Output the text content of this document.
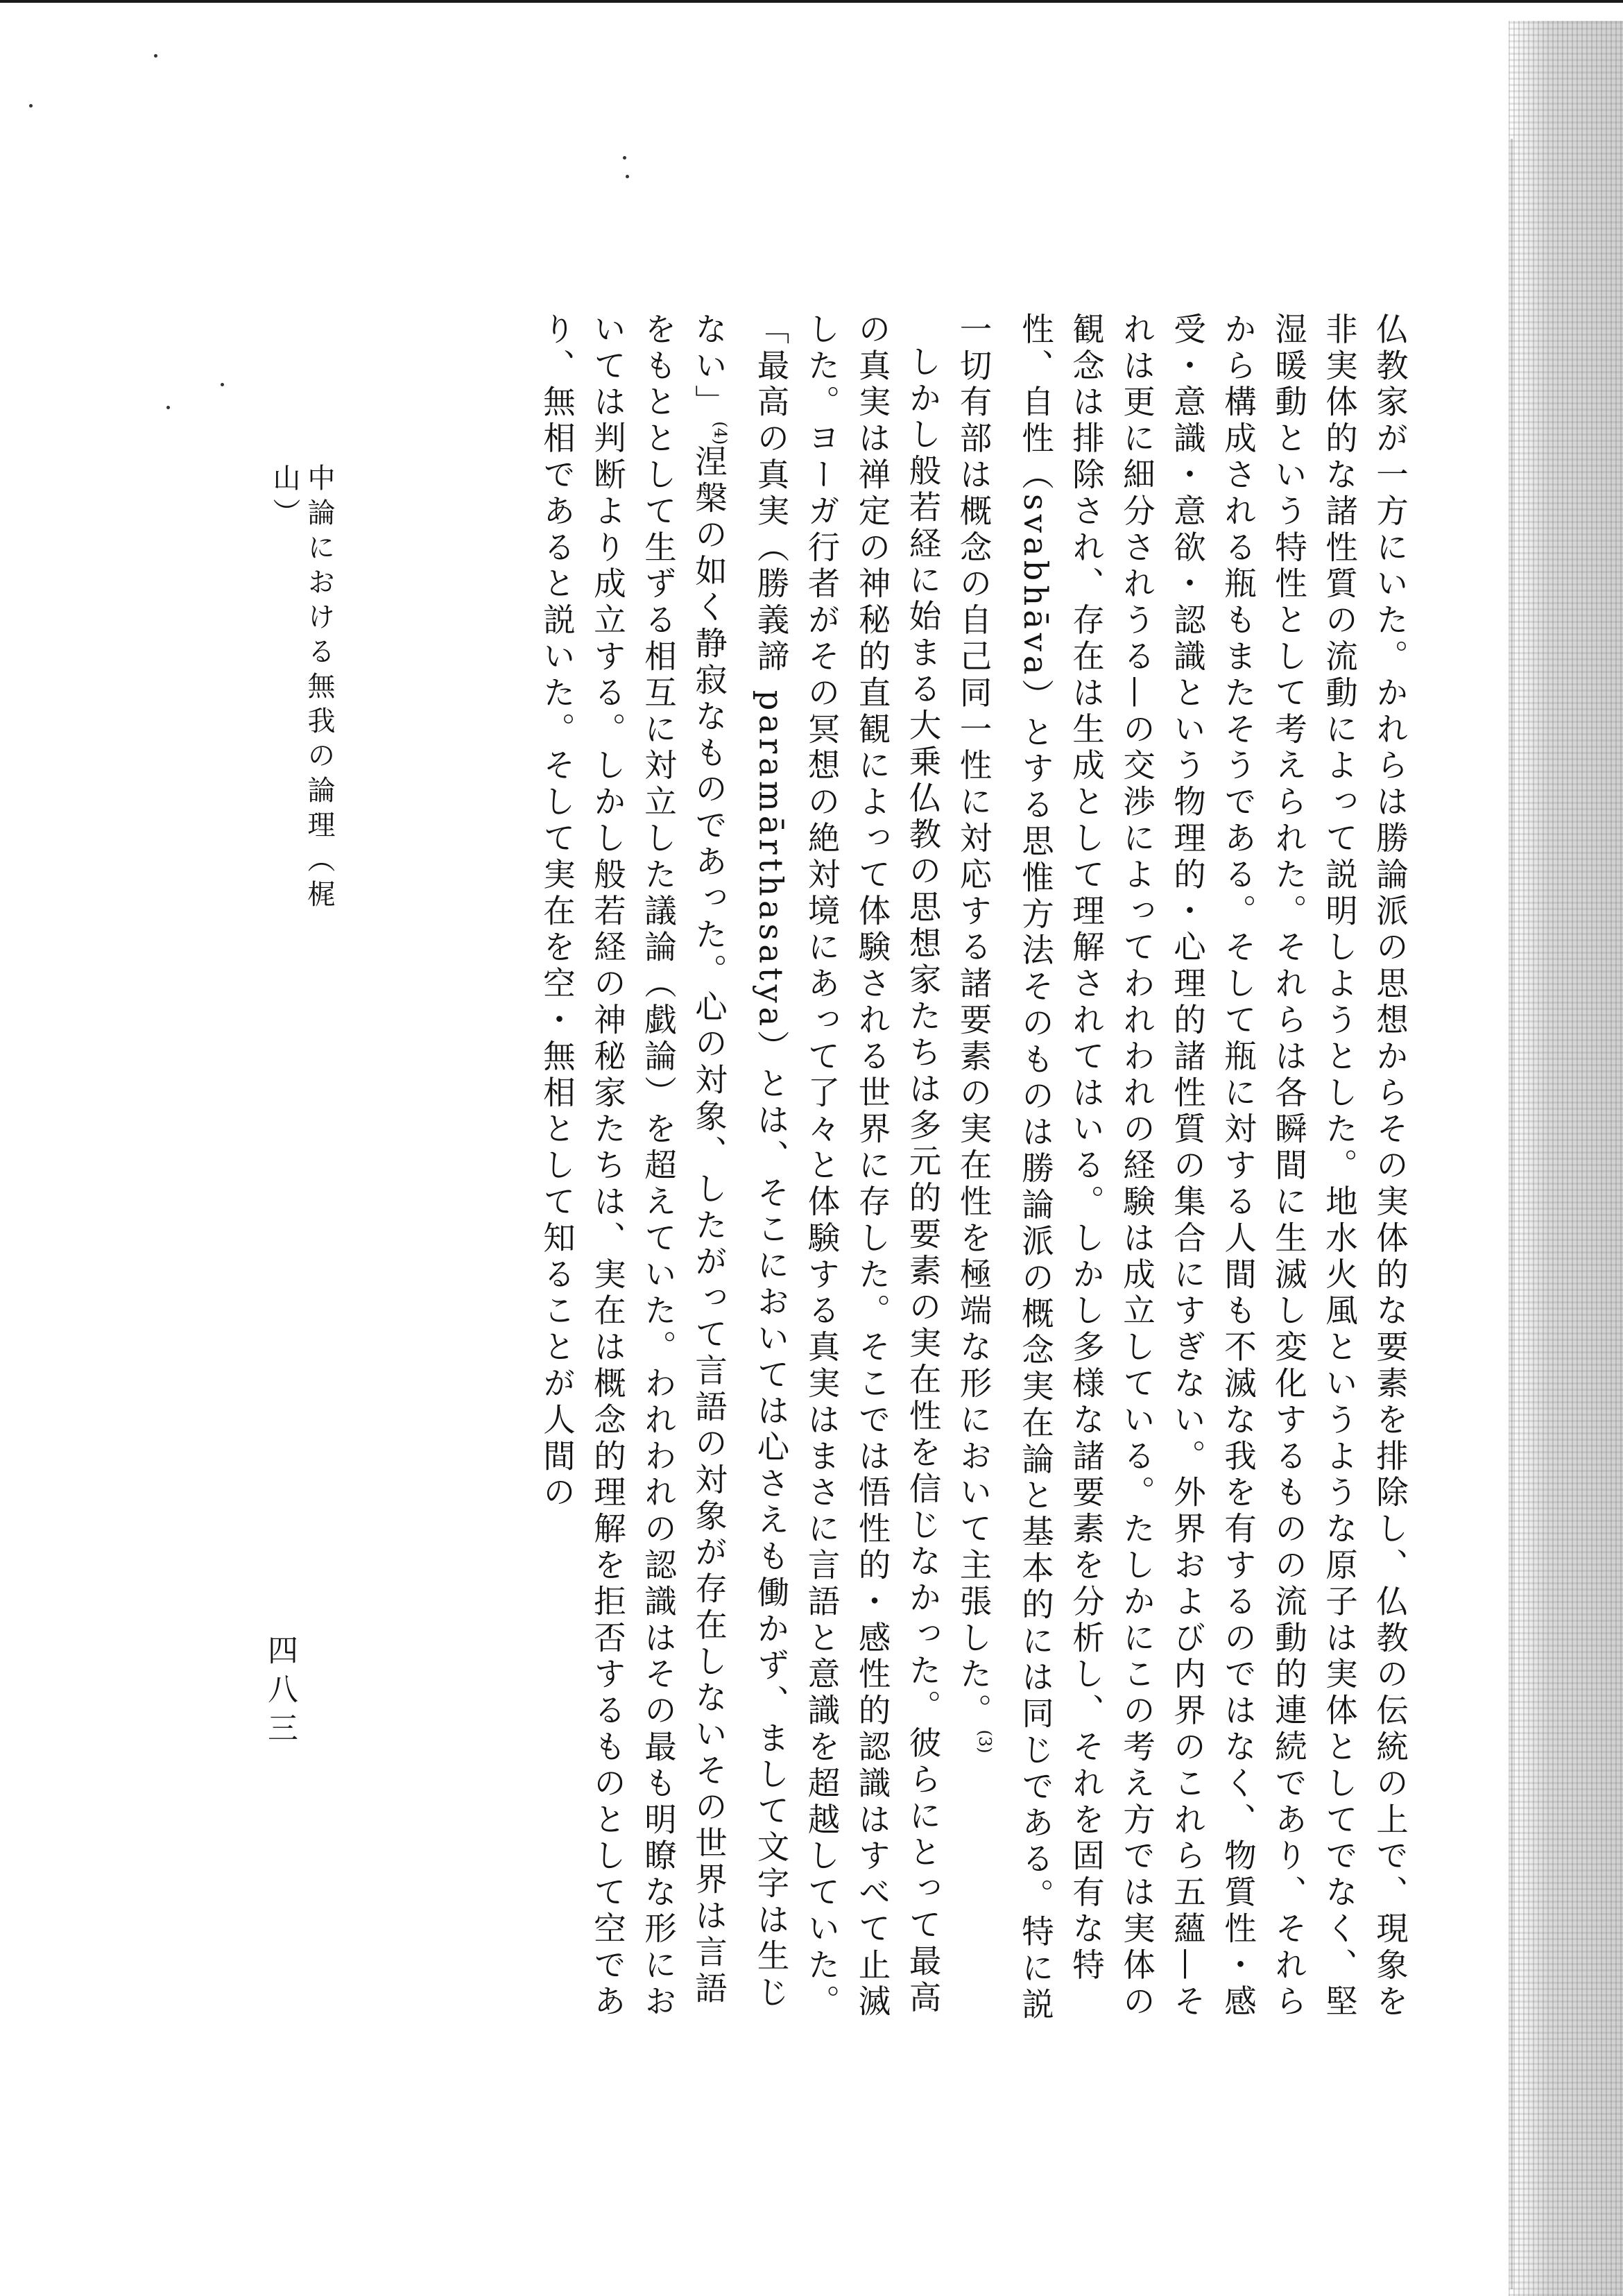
仏教家が一方にいた。かれらは勝論派の思想からその実体的な要素を排除し、仏教の伝統の上で、現象を非実体的な諸性質の流動によって説明しようとした。地水火風というような原子は実体としてでなく、堅湿暖動という特性として考えられた。それらは各瞬間に生滅し変化するものの流動的連続であり、それらから構成される瓶もまたそうである。そして瓶に対する人間も不滅な我を有するのではなく、物質性・感受・意識・意欲・認識という物理的・心理的諸性質の集合にすぎない。外界および内界のこれら五蘊—それは更に細分されうる—の交渉によってわれわれの経験は成立している。たしかにこの考え方では実体の観念は排除され、存在は生成として理解されてはいる。しかし多様な諸要素を分析し、それを固有な特性、自性（svabhāva）とする思惟方法そのものは勝論派の概念実在論と基本的には同じである。特に説一切有部は概念の自己同一性に対応する諸要素の実在性を極端な形において主張した。$^{(3)}$

しかし般若経に始まる大乗仏教の思想家たちは多元的要素の実在性を信じなかった。彼らにとって最高の真実は禅定の神秘的直観によって体験される世界に存した。そこでは悟性的・感性的認識はすべて止滅した。ヨーガ行者がその冥想の絶対境にあって了々と体験する真実はまさに言語と意識を超越していた。「最高の真実（勝義諦 paramārthasatya）とは、そこにおいては心さえも働かず、まして文字は生じない」$^{(4)}$涅槃の如く静寂なものであった。心の対象、したがって言語の対象が存在しないその世界は言語をもととして生ずる相互に対立した議論（戯論）を超えていた。われわれの認識はその最も明瞭な形においては判断より成立する。しかし般若経の神秘家たちは、実在は概念的理解を拒否するものとして空であり、無相であると説いた。そして実在を空・無相として知ることが人間の

中論における無我の論理（梶山）
四八三
